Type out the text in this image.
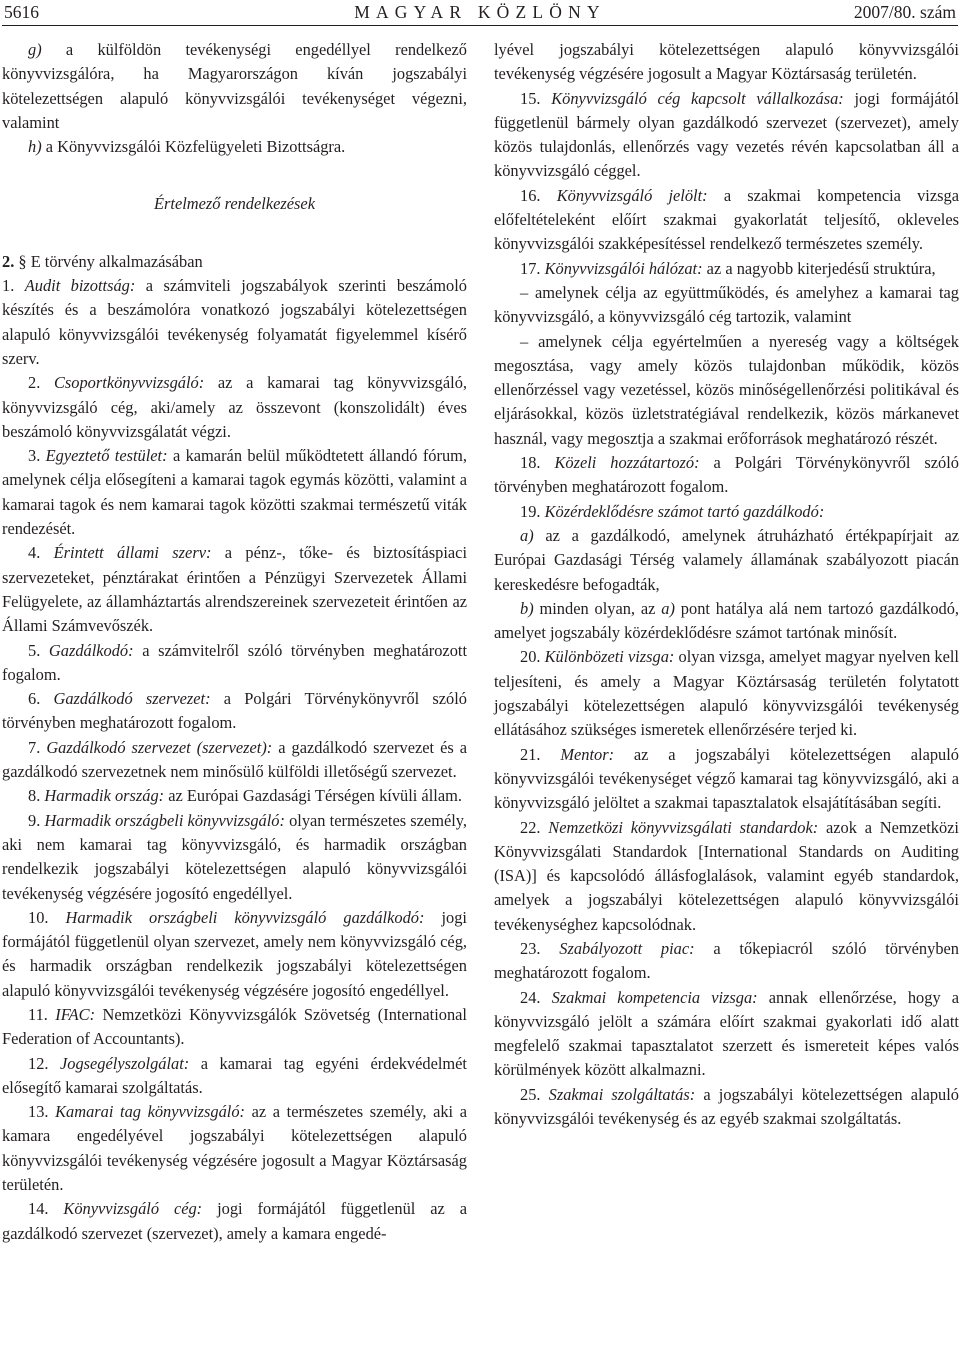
5616	MAGYAR KÖZLÖNY	2007/80. szám

g) a külföldön tevékenységi engedéllyel rendelkező könyvvizsgálóra, ha Magyarországon kíván jogszabályi kötelezettségen alapuló könyvvizsgálói tevékenységet végezni, valamint

h) a Könyvvizsgálói Közfelügyeleti Bizottságra.

Értelmező rendelkezések

2. § E törvény alkalmazásában

1. Audit bizottság: a számviteli jogszabályok szerinti beszámoló készítés és a beszámolóra vonatkozó jogszabályi kötelezettségen alapuló könyvvizsgálói tevékenység folyamatát figyelemmel kísérő szerv.

2. Csoportkönyvvizsgáló: az a kamarai tag könyvvizsgáló, könyvvizsgáló cég, aki/amely az összevont (konszolidált) éves beszámoló könyvvizsgálatát végzi.

3. Egyeztető testület: a kamarán belül működtetett állandó fórum, amelynek célja elősegíteni a kamarai tagok egymás közötti, valamint a kamarai tagok és nem kamarai tagok közötti szakmai természetű viták rendezését.

4. Érintett állami szerv: a pénz-, tőke- és biztosításpiaci szervezeteket, pénztárakat érintően a Pénzügyi Szervezetek Állami Felügyelete, az államháztartás alrendszereinek szervezeteit érintően az Állami Számvevőszék.

5. Gazdálkodó: a számvitelről szóló törvényben meghatározott fogalom.

6. Gazdálkodó szervezet: a Polgári Törvénykönyvről szóló törvényben meghatározott fogalom.

7. Gazdálkodó szervezet (szervezet): a gazdálkodó szervezet és a gazdálkodó szervezetnek nem minősülő külföldi illetőségű szervezet.

8. Harmadik ország: az Európai Gazdasági Térségen kívüli állam.

9. Harmadik országbeli könyvvizsgáló: olyan természetes személy, aki nem kamarai tag könyvvizsgáló, és harmadik országban rendelkezik jogszabályi kötelezettségen alapuló könyvvizsgálói tevékenység végzésére jogosító engedéllyel.

10. Harmadik országbeli könyvvizsgáló gazdálkodó: jogi formájától függetlenül olyan szervezet, amely nem könyvvizsgáló cég, és harmadik országban rendelkezik jogszabályi kötelezettségen alapuló könyvvizsgálói tevékenység végzésére jogosító engedéllyel.

11. IFAC: Nemzetközi Könyvvizsgálók Szövetség (International Federation of Accountants).

12. Jogsegélyszolgálat: a kamarai tag egyéni érdekvédelmét elősegítő kamarai szolgáltatás.

13. Kamarai tag könyvvizsgáló: az a természetes személy, aki a kamara engedélyével jogszabályi kötelezettségen alapuló könyvvizsgálói tevékenység végzésére jogosult a Magyar Köztársaság területén.

14. Könyvvizsgáló cég: jogi formájától függetlenül az a gazdálkodó szervezet (szervezet), amely a kamara engedé-

lyével jogszabályi kötelezettségen alapuló könyvvizsgálói tevékenység végzésére jogosult a Magyar Köztársaság területén.

15. Könyvvizsgáló cég kapcsolt vállalkozása: jogi formájától függetlenül bármely olyan gazdálkodó szervezet (szervezet), amely közös tulajdonlás, ellenőrzés vagy vezetés révén kapcsolatban áll a könyvvizsgáló céggel.

16. Könyvvizsgáló jelölt: a szakmai kompetencia vizsga előfeltételeként előírt szakmai gyakorlatát teljesítő, okleveles könyvvizsgálói szakképesítéssel rendelkező természetes személy.

17. Könyvvizsgálói hálózat: az a nagyobb kiterjedésű struktúra,

– amelynek célja az együttműködés, és amelyhez a kamarai tag könyvvizsgáló, a könyvvizsgáló cég tartozik, valamint

– amelynek célja egyértelműen a nyereség vagy a költségek megosztása, vagy amely közös tulajdonban működik, közös ellenőrzéssel vagy vezetéssel, közös minőségellenőrzési politikával és eljárásokkal, közös üzletstratégiával rendelkezik, közös márkanevet használ, vagy megosztja a szakmai erőforrások meghatározó részét.

18. Közeli hozzátartozó: a Polgári Törvénykönyvről szóló törvényben meghatározott fogalom.

19. Közérdeklődésre számot tartó gazdálkodó:

a) az a gazdálkodó, amelynek átruházható értékpapírjait az Európai Gazdasági Térség valamely államának szabályozott piacán kereskedésre befogadták,

b) minden olyan, az a) pont hatálya alá nem tartozó gazdálkodó, amelyet jogszabály közérdeklődésre számot tartónak minősít.

20. Különbözeti vizsga: olyan vizsga, amelyet magyar nyelven kell teljesíteni, és amely a Magyar Köztársaság területén folytatott jogszabályi kötelezettségen alapuló könyvvizsgálói tevékenység ellátásához szükséges ismeretek ellenőrzésére terjed ki.

21. Mentor: az a jogszabályi kötelezettségen alapuló könyvvizsgálói tevékenységet végző kamarai tag könyvvizsgáló, aki a könyvvizsgáló jelöltet a szakmai tapasztalatok elsajátításában segíti.

22. Nemzetközi könyvvizsgálati standardok: azok a Nemzetközi Könyvvizsgálati Standardok [International Standards on Auditing (ISA)] és kapcsolódó állásfoglalások, valamint egyéb standardok, amelyek a jogszabályi kötelezettségen alapuló könyvvizsgálói tevékenységhez kapcsolódnak.

23. Szabályozott piac: a tőkepiacról szóló törvényben meghatározott fogalom.

24. Szakmai kompetencia vizsga: annak ellenőrzése, hogy a könyvvizsgáló jelölt a számára előírt szakmai gyakorlati idő alatt megfelelő szakmai tapasztalatot szerzett és ismereteit képes valós körülmények között alkalmazni.

25. Szakmai szolgáltatás: a jogszabályi kötelezettségen alapuló könyvvizsgálói tevékenység és az egyéb szakmai szolgáltatás.
